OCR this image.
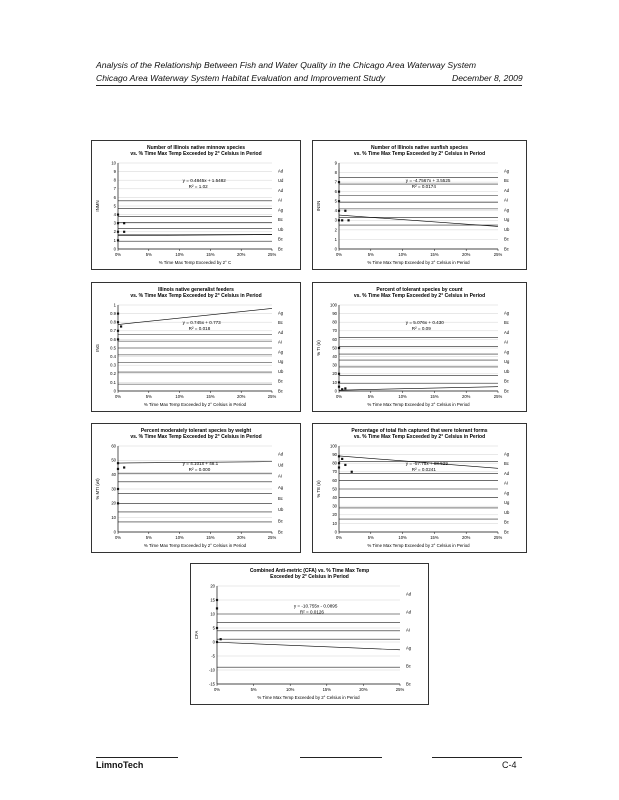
Analysis of the Relationship Between Fish and Water Quality in the Chicago Area Waterway System
Chicago Area Waterway System Habitat Evaluation and Improvement Study	December 8, 2009
Number of Illinois native minnow species
vs. % Time Max Temp Exceeded by 2° Celsius in Period
0
1
2
3
4
5
6
7
8
9
10
Ad
Ud
Ad
AI
Ag
Bc
Ub
Bc
Bc
0%	5%	10%	15%	20%	25%
% Time Max Temp Exceeded by 2° C
INMN
y = 0.4845x + 1.5482
R² = 1.02
Number of Illinois native sunfish species
vs. % Time Max Temp Exceeded by 2° Celsius in Period
0
1
2
3
4
5
6
7
8
9
Ag
Bc
Ad
AI
Ag
Ug
Ub
Bc
Bc
0%	5%	10%	15%	20%	25%
% Time Max Temp Exceeded by 2° Celsius in Period
INSN
y = -4.7567x + 3.5525
R² = 0.0174
Illinois native generalist feeders
vs. % Time Max Temp Exceeded by 2° Celsius in Period
0
0.1
0.2
0.3
0.4
0.5
0.6
0.7
0.8
0.9
1
Ag
Bc
Ad
AI
Ag
Ug
Ub
Bc
Bc
0%	5%	10%	15%	20%	25%
% Time Max Temp Exceeded by 2° Celsius in Period
ING
y = 0.745x + 0.773
R² = 0.018
Percent of tolerant species by count
vs. % Time Max Temp Exceeded by 2° Celsius in Period
0
10
20
30
40
50
60
70
80
90
100
Ag
Bc
Ad
AI
Ag
Ug
Ub
Bc
Bc
0%	5%	10%	15%	20%	25%
% Time Max Temp Exceeded by 2° Celsius in Period
% TI (n)
y = 5.076x + 0.430
R² = 0.09
Percent moderately tolerant species by weight
vs. % Time Max Temp Exceeded by 2° Celsius in Period
0
10
20
30
40
50
60
Ad
Ud
AI
Ag
Bc
Ub
Bc
Bc
0%	5%	10%	15%	20%	25%
% Time Max Temp Exceeded by 2° Celsius in Period
% MTI (wt)
y = 4.101x + 48.1
R² = 0.000
Percentage of total fish captured that were tolerant forms
vs. % Time Max Temp Exceeded by 2° Celsius in Period
0
10
20
30
40
50
60
70
80
90
100
Ag
Bc
Ad
AI
Ag
Ug
Ub
Bc
Bc
0%	5%	10%	15%	20%	25%
% Time Max Temp Exceeded by 2° Celsius in Period
% TE (n)
y = -57.75x + 88.529
R² = 0.0241
Combined Anti-metric (CFA) vs. % Time Max Temp
Exceeded by 2° Celsius in Period
-15
-10
-5
0
5
10
15
20
Ad
Ad
AI
Ag
Bc
Bc
0%	5%	10%	15%	20%	25%
% Time Max Temp Exceeded by 2° Celsius in Period
CFA
y = -10.755x - 0.0895
R² = 0.0126
LimnoTech	C-4
